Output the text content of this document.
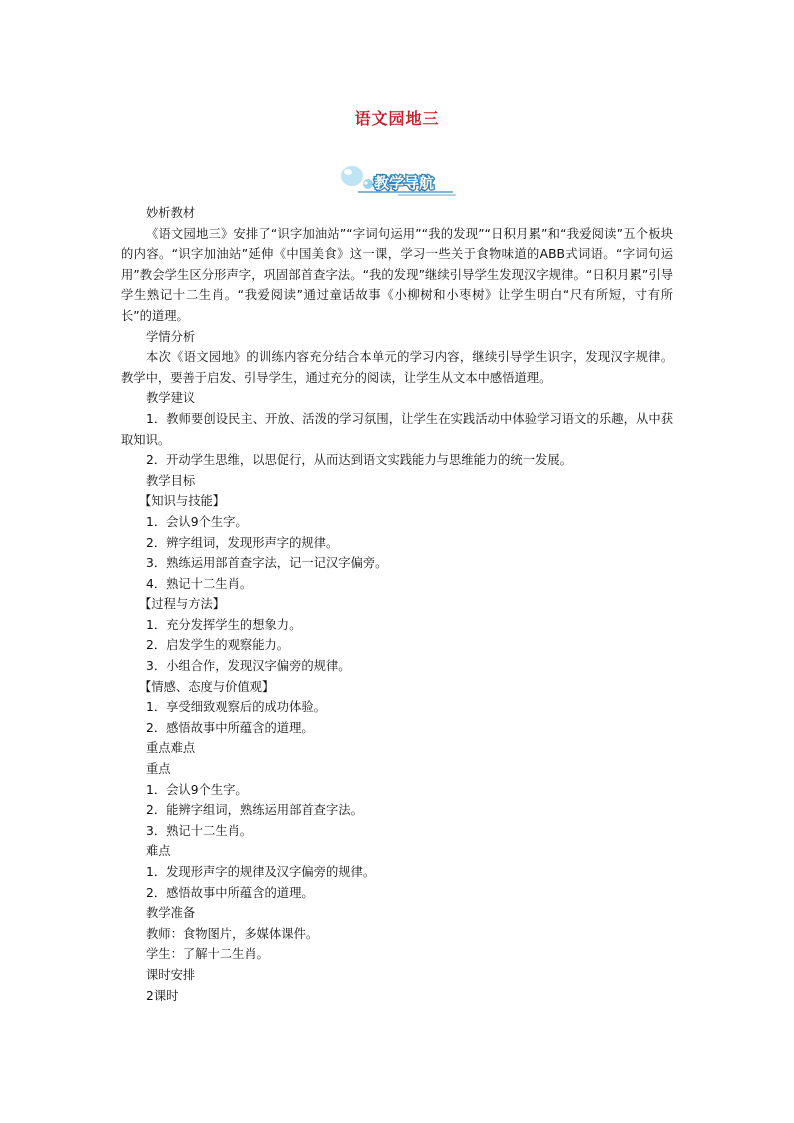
语文园地三
教学导航

妙析教材

《语文园地三》安排了“识字加油站”“字词句运用”“我的发现”“日积月累”和“我爱阅读”五个板块的内容。“识字加油站”延伸《中国美食》这一课，学习一些关于食物味道的ABB式词语。“字词句运用”教会学生区分形声字，巩固部首查字法。“我的发现”继续引导学生发现汉字规律。“日积月累”引导学生熟记十二生肖。“我爱阅读”通过童话故事《小柳树和小枣树》让学生明白“尺有所短，寸有所长”的道理。

学情分析

本次《语文园地》的训练内容充分结合本单元的学习内容，继续引导学生识字，发现汉字规律。教学中，要善于启发、引导学生，通过充分的阅读，让学生从文本中感悟道理。

教学建议

1．教师要创设民主、开放、活泼的学习氛围，让学生在实践活动中体验学习语文的乐趣，从中获取知识。

2．开动学生思维，以思促行，从而达到语文实践能力与思维能力的统一发展。

教学目标

【知识与技能】

1．会认9个生字。

2．辨字组词，发现形声字的规律。

3．熟练运用部首查字法，记一记汉字偏旁。

4．熟记十二生肖。

【过程与方法】

1．充分发挥学生的想象力。

2．启发学生的观察能力。

3．小组合作，发现汉字偏旁的规律。

【情感、态度与价值观】

1．享受细致观察后的成功体验。

2．感悟故事中所蕴含的道理。

重点难点

重点

1．会认9个生字。

2．能辨字组词，熟练运用部首查字法。

3．熟记十二生肖。

难点

1．发现形声字的规律及汉字偏旁的规律。

2．感悟故事中所蕴含的道理。

教学准备

教师：食物图片，多媒体课件。

学生：了解十二生肖。

课时安排

2课时
